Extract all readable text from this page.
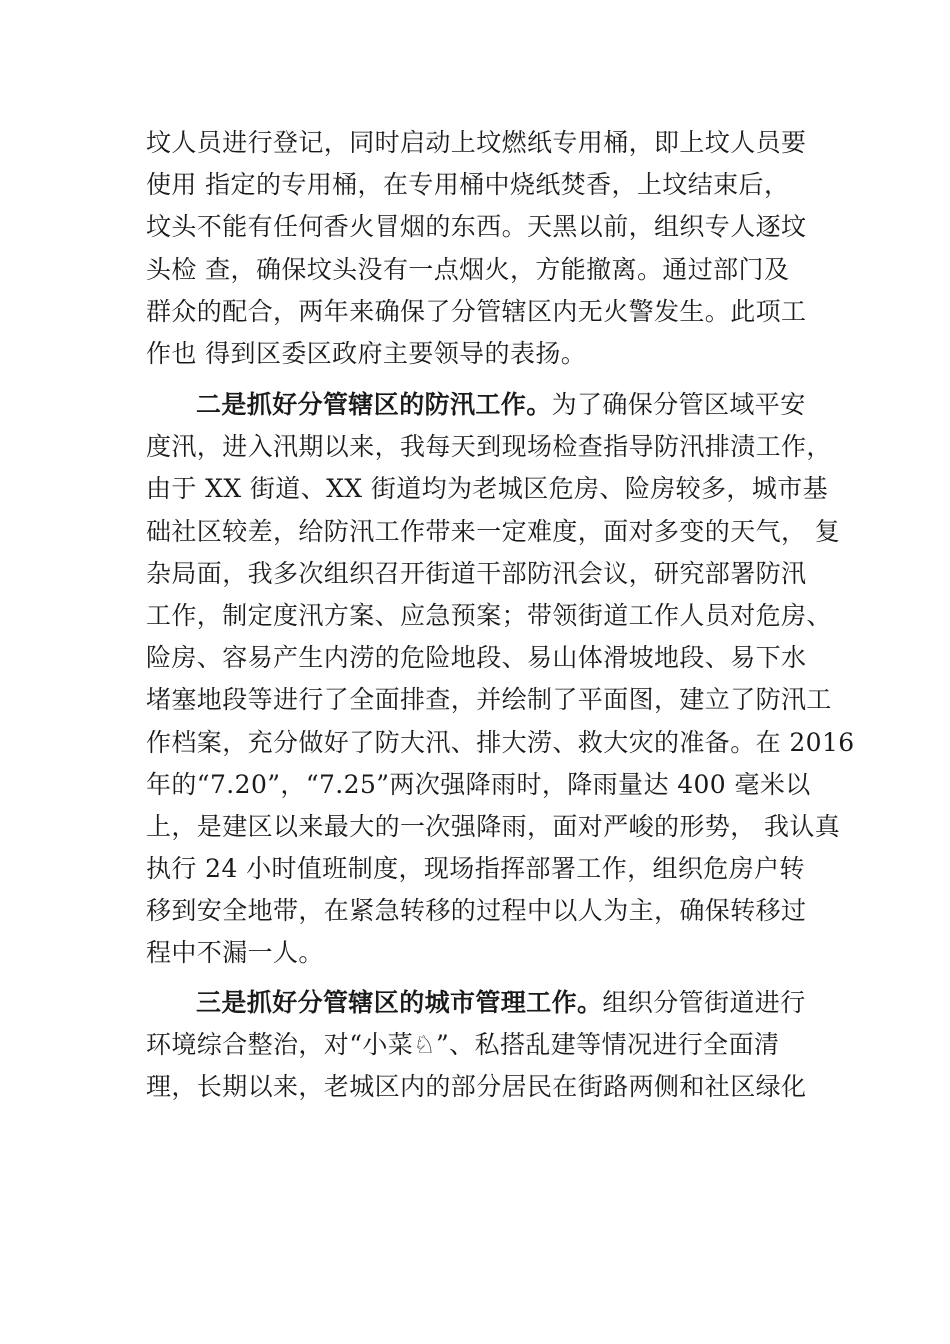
坟人员进行登记，同时启动上坟燃纸专用桶，即上坟人员要
使用 指定的专用桶，在专用桶中烧纸焚香，上坟结束后，
坟头不能有任何香火冒烟的东西。天黑以前，组织专人逐坟
头检 查，确保坟头没有一点烟火，方能撤离。通过部门及
群众的配合，两年来确保了分管辖区内无火警发生。此项工
作也 得到区委区政府主要领导的表扬。
二是抓好分管辖区的防汛工作。为了确保分管区域平安
度汛，进入汛期以来，我每天到现场检查指导防汛排渍工作，
由于 XX 街道、XX 街道均为老城区危房、险房较多，城市基
础社区较差，给防汛工作带来一定难度，面对多变的天气， 复
杂局面，我多次组织召开街道干部防汛会议，研究部署防汛
工作，制定度汛方案、应急预案；带领街道工作人员对危房、
险房、容易产生内涝的危险地段、易山体滑坡地段、易下水
堵塞地段等进行了全面排查，并绘制了平面图，建立了防汛工
作档案，充分做好了防大汛、排大涝、救大灾的准备。在 2016
年的“7.20”，“7.25”两次强降雨时，降雨量达 400 毫米以
上，是建区以来最大的一次强降雨，面对严峻的形势， 我认真
执行 24 小时值班制度，现场指挥部署工作，组织危房户转
移到安全地带，在紧急转移的过程中以人为主，确保转移过
程中不漏一人。
三是抓好分管辖区的城市管理工作。组织分管街道进行
环境综合整治，对“小菜♘”、私搭乱建等情况进行全面清
理，长期以来，老城区内的部分居民在街路两侧和社区绿化
